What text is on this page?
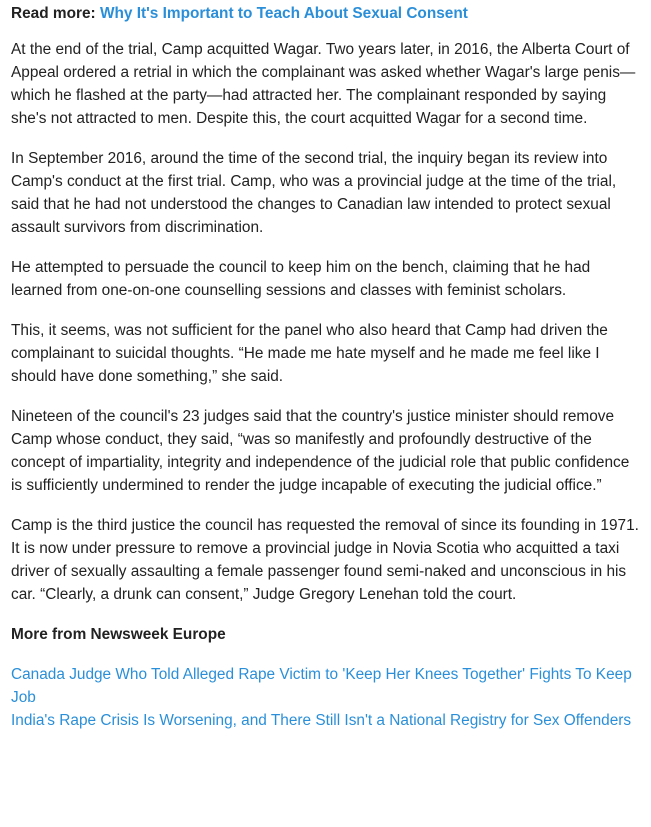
Read more: Why It's Important to Teach About Sexual Consent

At the end of the trial, Camp acquitted Wagar. Two years later, in 2016, the Alberta Court of Appeal ordered a retrial in which the complainant was asked whether Wagar's large penis—which he flashed at the party—had attracted her. The complainant responded by saying she's not attracted to men. Despite this, the court acquitted Wagar for a second time.

In September 2016, around the time of the second trial, the inquiry began its review into Camp's conduct at the first trial. Camp, who was a provincial judge at the time of the trial, said that he had not understood the changes to Canadian law intended to protect sexual assault survivors from discrimination.

He attempted to persuade the council to keep him on the bench, claiming that he had learned from one-on-one counselling sessions and classes with feminist scholars.

This, it seems, was not sufficient for the panel who also heard that Camp had driven the complainant to suicidal thoughts. “He made me hate myself and he made me feel like I should have done something,” she said.

Nineteen of the council's 23 judges said that the country's justice minister should remove Camp whose conduct, they said, “was so manifestly and profoundly destructive of the concept of impartiality, integrity and independence of the judicial role that public confidence is sufficiently undermined to render the judge incapable of executing the judicial office.”

Camp is the third justice the council has requested the removal of since its founding in 1971. It is now under pressure to remove a provincial judge in Novia Scotia who acquitted a taxi driver of sexually assaulting a female passenger found semi-naked and unconscious in his car. “Clearly, a drunk can consent,” Judge Gregory Lenehan told the court.

More from Newsweek Europe
Canada Judge Who Told Alleged Rape Victim to 'Keep Her Knees Together' Fights To Keep Job
India's Rape Crisis Is Worsening, and There Still Isn't a National Registry for Sex Offenders
